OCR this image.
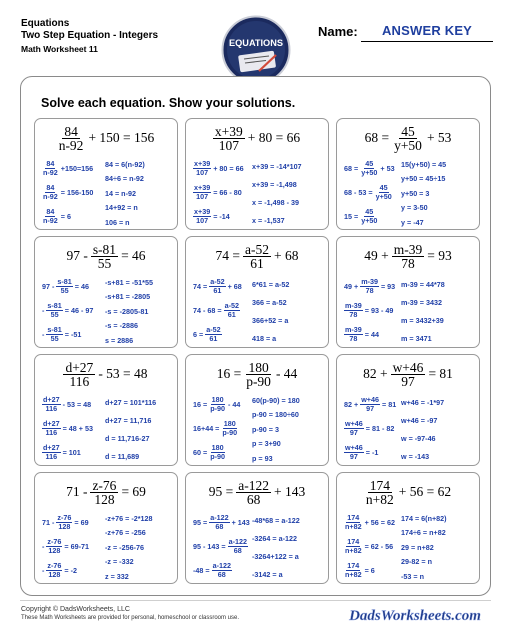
Equations
Two Step Equation - Integers
Math Worksheet 11
EQUATIONS
Name:	ANSWER KEY
Solve each equation. Show your solutions.
$\frac{84}{n-92} + 150 = 156$
$\frac{84}{n-92} +150=156$
$\frac{84}{n-92} = 156-150$
$\frac{84}{n-92} = 6$
84 = 6(n-92)
84÷6 = n-92
14 = n-92
14+92 = n
106 = n
$\frac{x+39}{107} + 80 = 66$
$\frac{x+39}{107} + 80 = 66$
$\frac{x+39}{107} = 66 - 80$
$\frac{x+39}{107} = -14$
x+39 = -14*107
x+39 = -1,498
x = -1,498 - 39
x = -1,537
$68 = \frac{45}{y+50} + 53$
$68 = \frac{45}{y+50} + 53$
$68 - 53 = \frac{45}{y+50}$
$15 = \frac{45}{y+50}$
15(y+50) = 45
y+50 = 45÷15
y+50 = 3
y = 3-50
y = -47
$97 - \frac{s-81}{55} = 46$
$97 - \frac{s-81}{55} = 46$
- $\frac{s-81}{55} = 46 - 97$
- $\frac{s-81}{55} = -51$
-s+81 = -51*55
-s+81 = -2805
-s = -2805-81
-s = -2886
s = 2886
$74 = \frac{a-52}{61} + 68$
$74 = \frac{a-52}{61} + 68$
$74 - 68 = \frac{a-52}{61}$
$6 = \frac{a-52}{61}$
6*61 = a-52
366 = a-52
366+52 = a
418 = a
$49 + \frac{m-39}{78} = 93$
$49 + \frac{m-39}{78} = 93$
$\frac{m-39}{78} = 93 - 49$
$\frac{m-39}{78} = 44$
m-39 = 44*78
m-39 = 3432
m = 3432+39
m = 3471
$\frac{d+27}{116} - 53 = 48$
$\frac{d+27}{116} - 53 = 48$
$\frac{d+27}{116} = 48 + 53$
$\frac{d+27}{116} = 101$
d+27 = 101*116
d+27 = 11,716
d = 11,716-27
d = 11,689
$16 = \frac{180}{p-90} - 44$
$16 = \frac{180}{p-90} - 44$
$16+44 = \frac{180}{p-90}$
$60 = \frac{180}{p-90}$
60(p-90) = 180
p-90 = 180÷60
p-90 = 3
p = 3+90
p = 93
$82 + \frac{w+46}{97} = 81$
$82 + \frac{w+46}{97} = 81$
$\frac{w+46}{97} = 81 - 82$
$\frac{w+46}{97} = -1$
w+46 = -1*97
w+46 = -97
w = -97-46
w = -143
$71 - \frac{z-76}{128} = 69$
$71 - \frac{z-76}{128} = 69$
- $\frac{z-76}{128} = 69-71$
- $\frac{z-76}{128} = -2$
-z+76 = -2*128
-z+76 = -256
-z = -256-76
-z = -332
z = 332
$95 = \frac{a-122}{68} + 143$
$95 = \frac{a-122}{68} + 143$
$95 - 143 = \frac{a-122}{68}$
$-48 = \frac{a-122}{68}$
-48*68 = a-122
-3264 = a-122
-3264+122 = a
-3142 = a
$\frac{174}{n+82} + 56 = 62$
$\frac{174}{n+82} + 56 = 62$
$\frac{174}{n+82} = 62 - 56$
$\frac{174}{n+82} = 6$
174 = 6(n+82)
174÷6 = n+82
29 = n+82
29-82 = n
-53 = n
Copyright © DadsWorksheets, LLC
These Math Worksheets are provided for personal, homeschool or classroom use.	DadsWorksheets.com
